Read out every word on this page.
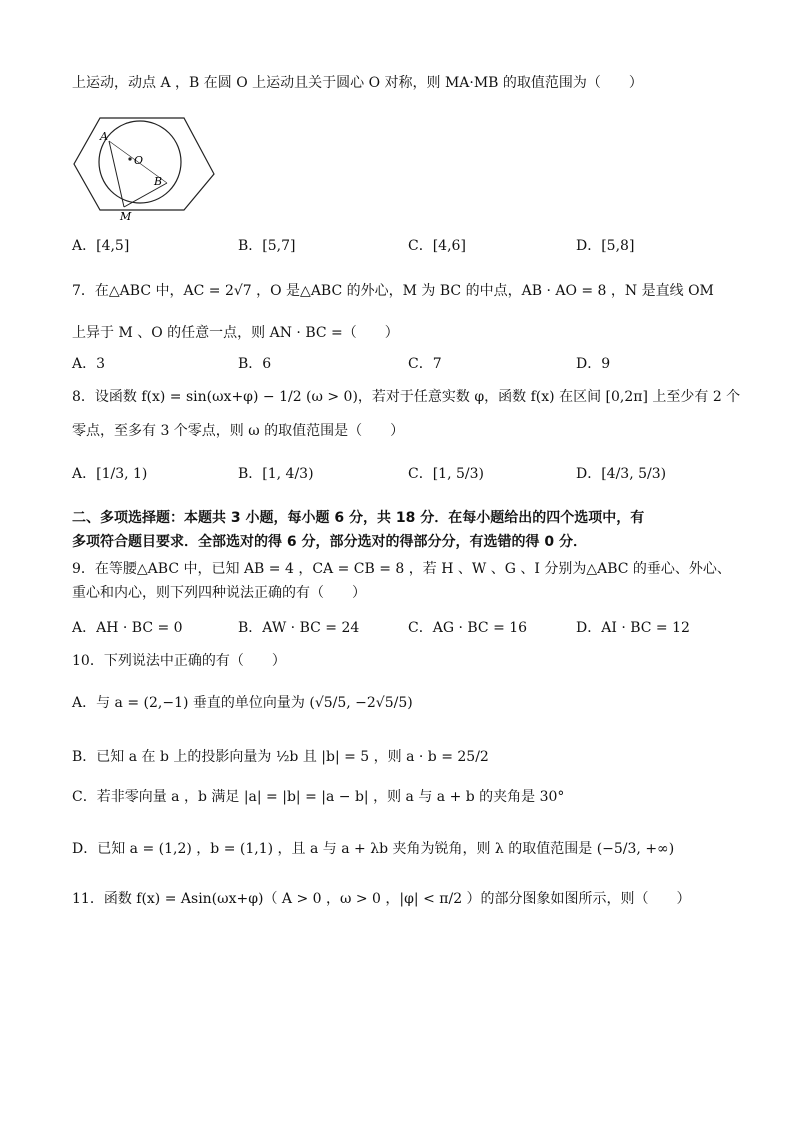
上运动，动点 A ，B 在圆 O 上运动且关于圆心 O 对称，则 MA·MB 的取值范围为（　　）
A
O
B
M
A．[4,5]	B．[5,7]	C．[4,6]	D．[5,8]
7．在△ABC 中，AC = 2√7 ，O 是△ABC 的外心，M 为 BC 的中点，AB · AO = 8 ，N 是直线 OM
上异于 M 、O 的任意一点，则 AN · BC =（　　）
A．3	B．6	C．7	D．9
8．设函数 f(x) = sin(ωx+φ) − 1/2 (ω > 0)，若对于任意实数 φ，函数 f(x) 在区间 [0,2π] 上至少有 2 个
零点，至多有 3 个零点，则 ω 的取值范围是（　　）
A．[1/3, 1)	B．[1, 4/3)	C．[1, 5/3)	D．[4/3, 5/3)
二、多项选择题：本题共 3 小题，每小题 6 分，共 18 分．在每小题给出的四个选项中，有
多项符合题目要求．全部选对的得 6 分，部分选对的得部分分，有选错的得 0 分．
9．在等腰△ABC 中，已知 AB = 4 ，CA = CB = 8 ，若 H 、W 、G 、I 分别为△ABC 的垂心、外心、
重心和内心，则下列四种说法正确的有（　　）
A．AH · BC = 0	B．AW · BC = 24	C．AG · BC = 16	D．AI · BC = 12
10．下列说法中正确的有（　　）
A．与 a = (2,−1) 垂直的单位向量为 (√5/5, −2√5/5)
B．已知 a 在 b 上的投影向量为 ½b 且 |b| = 5 ，则 a · b = 25/2
C．若非零向量 a ，b 满足 |a| = |b| = |a − b| ，则 a 与 a + b 的夹角是 30°
D．已知 a = (1,2) ，b = (1,1) ，且 a 与 a + λb 夹角为锐角，则 λ 的取值范围是 (−5/3, +∞)
11．函数 f(x) = Asin(ωx+φ)（ A > 0 ，ω > 0 ，|φ| < π/2 ）的部分图象如图所示，则（　　）
